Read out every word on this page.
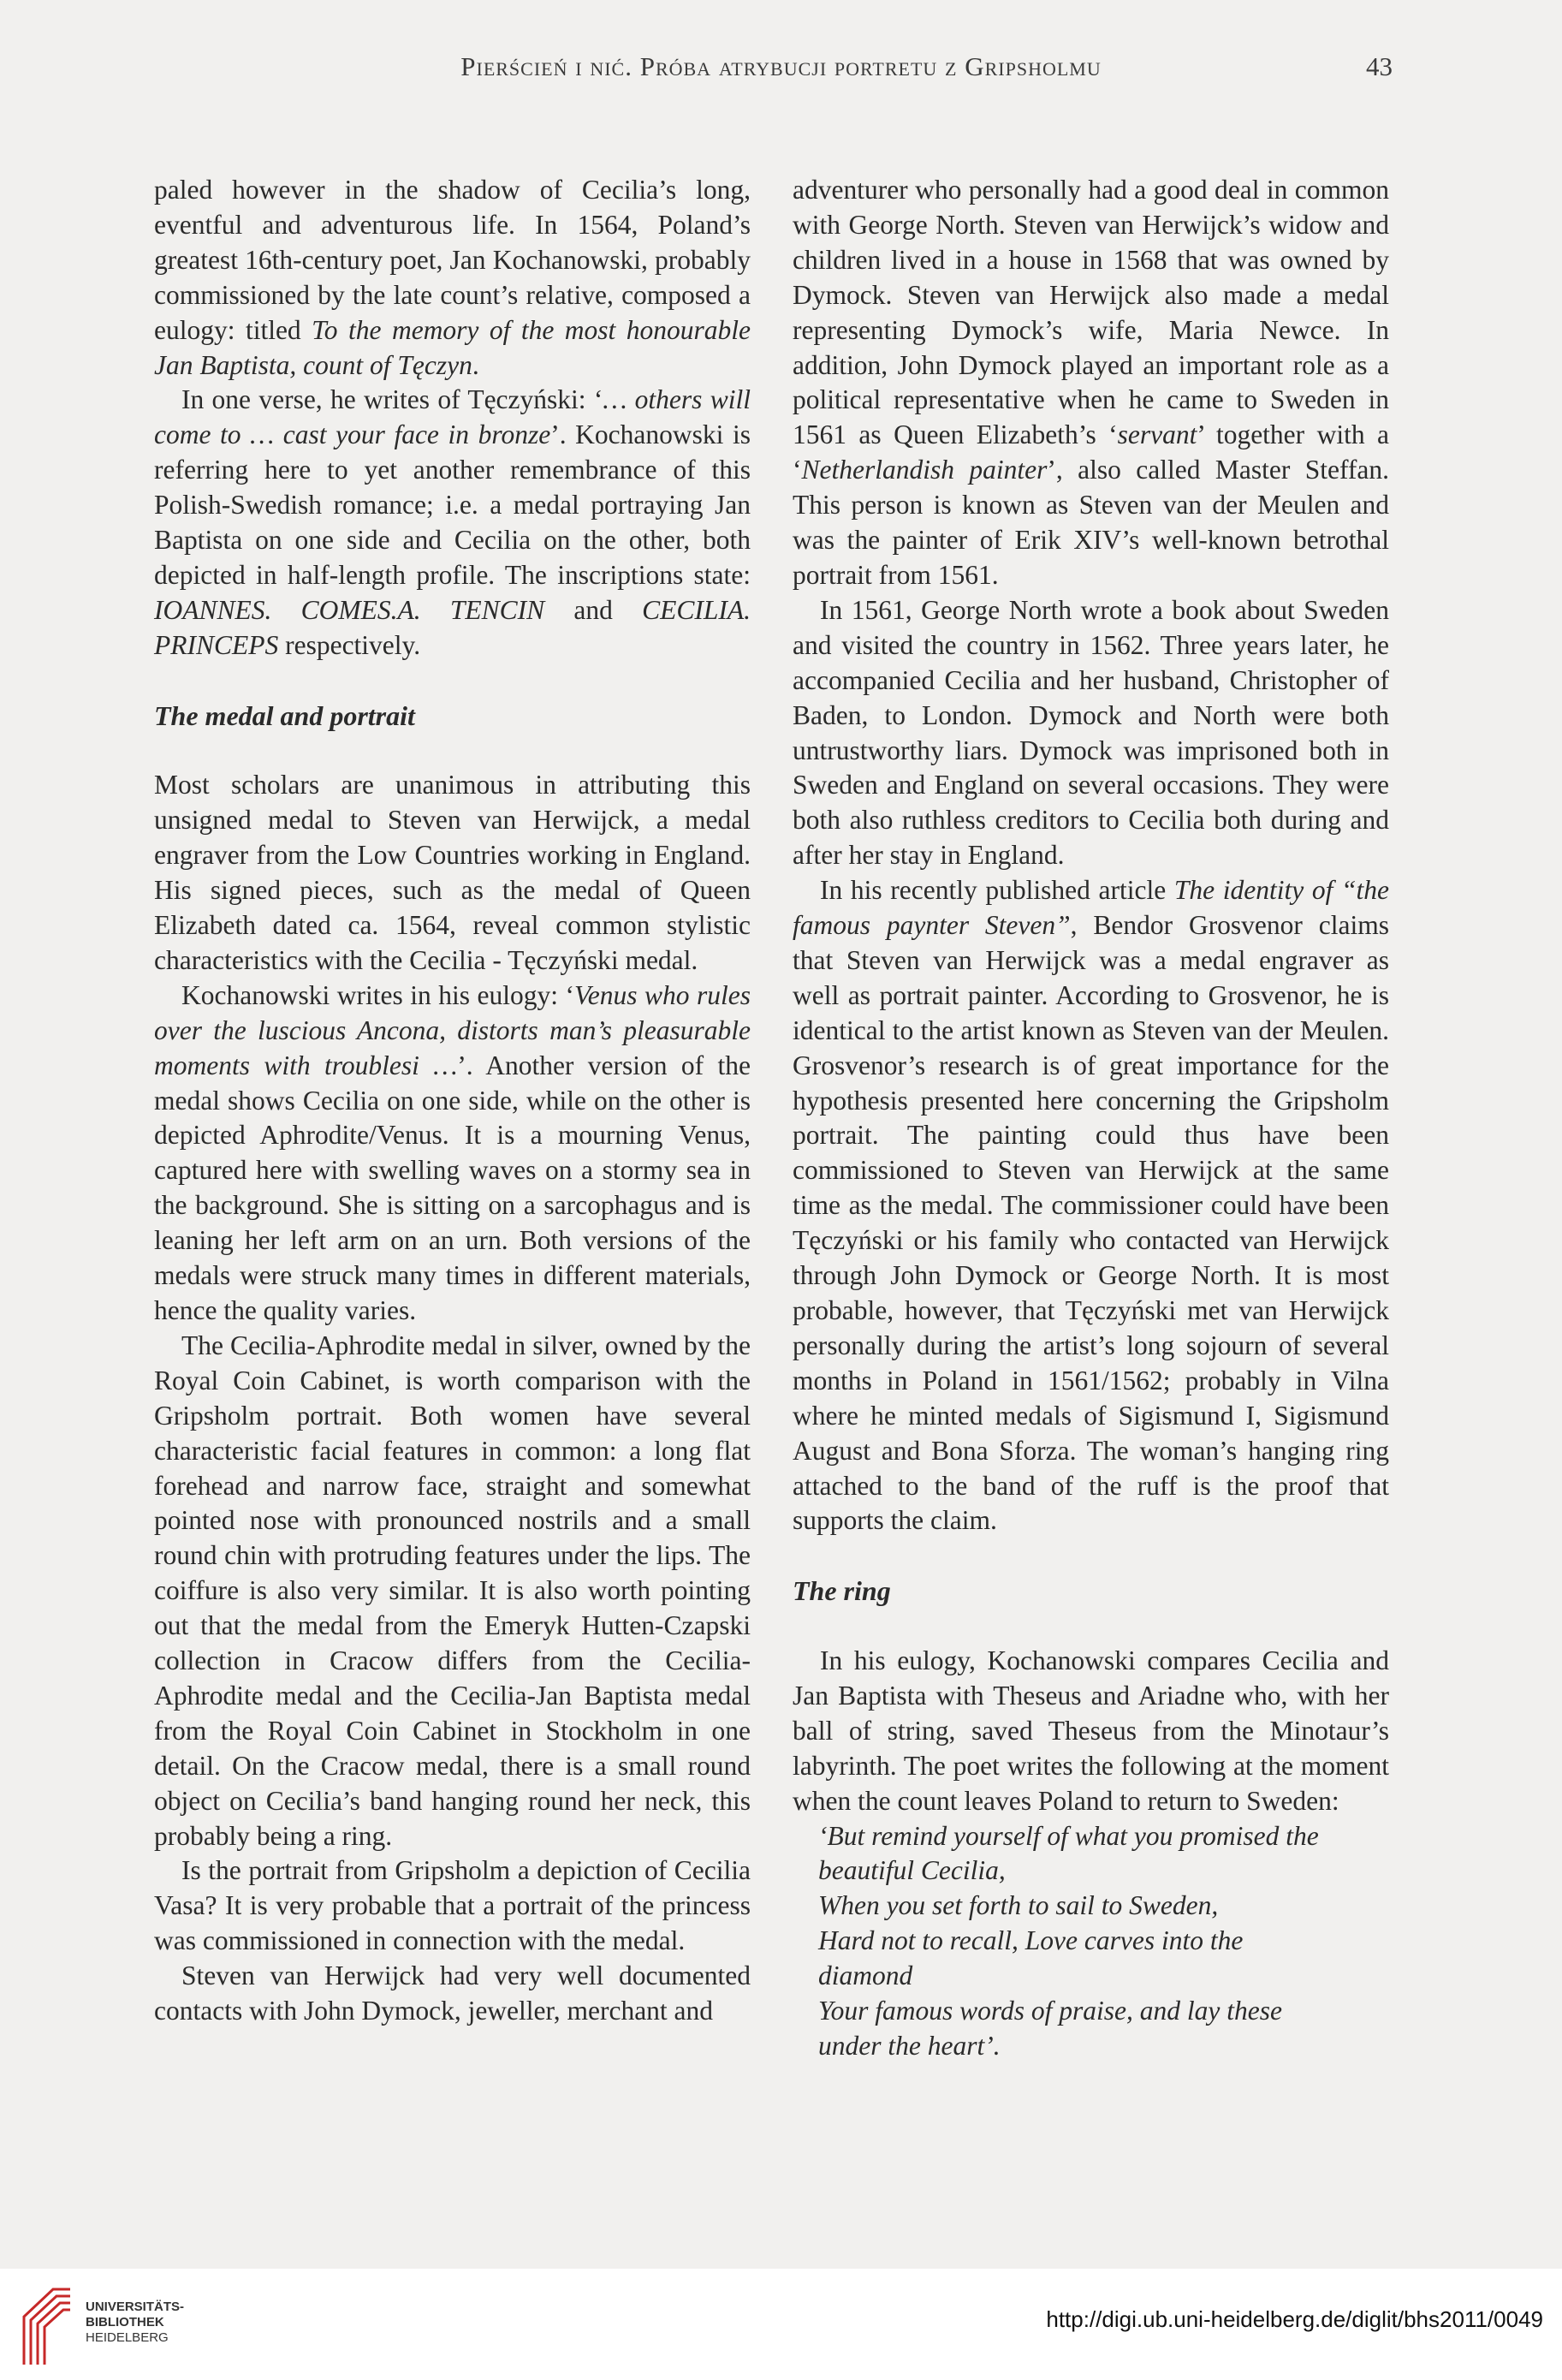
Pierścień i nić. Próba atrybucji portretu z Gripsholmu	43

paled however in the shadow of Cecilia’s long, eventful and adventurous life. In 1564, Poland’s greatest 16th-century poet, Jan Kochanowski, probably commissioned by the late count’s relative, composed a eulogy: titled To the memory of the most honourable Jan Baptista, count of Tęczyn.

In one verse, he writes of Tęczyński: ‘… others will come to … cast your face in bronze’. Kochanowski is referring here to yet another remembrance of this Polish-Swedish romance; i.e. a medal portraying Jan Baptista on one side and Cecilia on the other, both depicted in half-length profile. The inscriptions state: IOANNES. COMES.A. TENCIN and CECILIA. PRINCEPS respectively.

The medal and portrait

Most scholars are unanimous in attributing this unsigned medal to Steven van Herwijck, a medal engraver from the Low Countries working in England. His signed pieces, such as the medal of Queen Elizabeth dated ca. 1564, reveal common stylistic characteristics with the Cecilia - Tęczyński medal.

Kochanowski writes in his eulogy: ‘Venus who rules over the luscious Ancona, distorts man’s pleasurable moments with troublesi …’. Another version of the medal shows Cecilia on one side, while on the other is depicted Aphrodite/Venus. It is a mourning Venus, captured here with swelling waves on a stormy sea in the background. She is sitting on a sarcophagus and is leaning her left arm on an urn. Both versions of the medals were struck many times in different materials, hence the quality varies.

The Cecilia-Aphrodite medal in silver, owned by the Royal Coin Cabinet, is worth comparison with the Gripsholm portrait. Both women have several characteristic facial features in common: a long flat forehead and narrow face, straight and somewhat pointed nose with pronounced nostrils and a small round chin with protruding features under the lips. The coiffure is also very similar. It is also worth pointing out that the medal from the Emeryk Hutten-Czapski collection in Cracow differs from the Cecilia-Aphrodite medal and the Cecilia-Jan Baptista medal from the Royal Coin Cabinet in Stockholm in one detail. On the Cracow medal, there is a small round object on Cecilia’s band hanging round her neck, this probably being a ring.

Is the portrait from Gripsholm a depiction of Cecilia Vasa? It is very probable that a portrait of the princess was commissioned in connection with the medal.

Steven van Herwijck had very well documented contacts with John Dymock, jeweller, merchant and

adventurer who personally had a good deal in common with George North. Steven van Herwijck’s widow and children lived in a house in 1568 that was owned by Dymock. Steven van Herwijck also made a medal representing Dymock’s wife, Maria Newce. In addition, John Dymock played an important role as a political representative when he came to Sweden in 1561 as Queen Elizabeth’s ‘servant’ together with a ‘Netherlandish painter’, also called Master Steffan. This person is known as Steven van der Meulen and was the painter of Erik XIV’s well-known betrothal portrait from 1561.

In 1561, George North wrote a book about Sweden and visited the country in 1562. Three years later, he accompanied Cecilia and her husband, Christopher of Baden, to London. Dymock and North were both untrustworthy liars. Dymock was imprisoned both in Sweden and England on several occasions. They were both also ruthless creditors to Cecilia both during and after her stay in England.

In his recently published article The identity of “the famous paynter Steven”, Bendor Grosvenor claims that Steven van Herwijck was a medal engraver as well as portrait painter. According to Grosvenor, he is identical to the artist known as Steven van der Meulen. Grosvenor’s research is of great importance for the hypothesis presented here concerning the Gripsholm portrait. The painting could thus have been commissioned to Steven van Herwijck at the same time as the medal. The commissioner could have been Tęczyński or his family who contacted van Herwijck through John Dymock or George North. It is most probable, however, that Tęczyński met van Herwijck personally during the artist’s long sojourn of several months in Poland in 1561/1562; probably in Vilna where he minted medals of Sigismund I, Sigismund August and Bona Sforza. The woman’s hanging ring attached to the band of the ruff is the proof that supports the claim.

The ring

In his eulogy, Kochanowski compares Cecilia and Jan Baptista with Theseus and Ariadne who, with her ball of string, saved Theseus from the Minotaur’s labyrinth. The poet writes the following at the moment when the count leaves Poland to return to Sweden:

‘But remind yourself of what you promised the
beautiful Cecilia,
When you set forth to sail to Sweden,
Hard not to recall, Love carves into the
diamond
Your famous words of praise, and lay these
under the heart’.
UNIVERSITÄTS-
BIBLIOTHEK
HEIDELBERG
http://digi.ub.uni-heidelberg.de/diglit/bhs2011/0049
